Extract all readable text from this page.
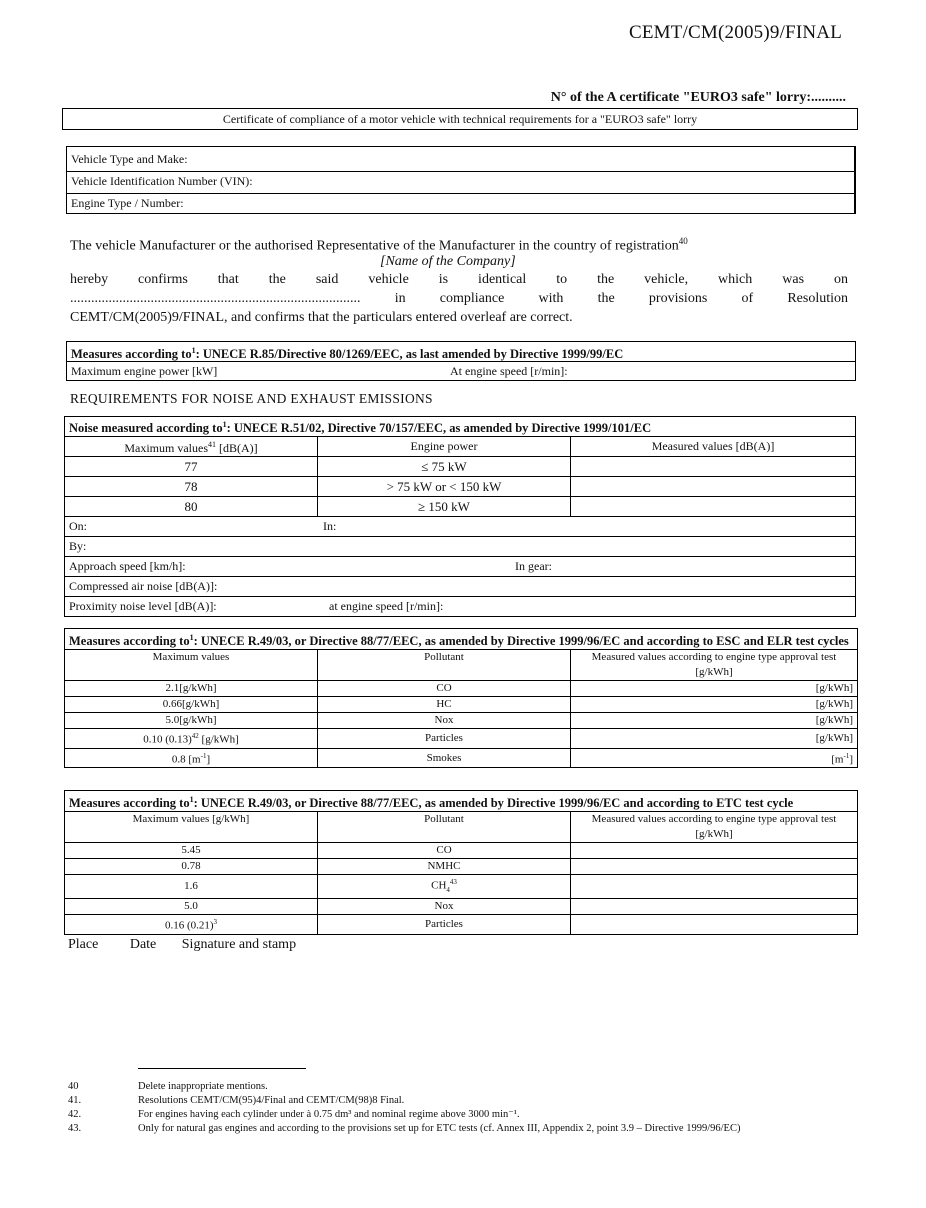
CEMT/CM(2005)9/FINAL
N° of the A certificate "EURO3 safe" lorry:..........
Certificate of compliance of a motor vehicle with technical requirements for a "EURO3 safe" lorry
Vehicle Type and Make:
Vehicle Identification Number (VIN):
Engine Type / Number:
The vehicle Manufacturer or the authorised Representative of the Manufacturer in the country of registration$^{40}$
[Name of the Company]
hereby confirms that the said vehicle is identical to the vehicle, which was on
................................................................................... in compliance with the provisions of Resolution
CEMT/CM(2005)9/FINAL, and confirms that the particulars entered overleaf are correct.
Measures according $to^1$: UNECE R.85/Directive 80/1269/EEC, as last amended by Directive 1999/99/EC
Maximum engine power [kW]	At engine speed [r/min]:
REQUIREMENTS FOR NOISE AND EXHAUST EMISSIONS
Noise measured according $to^1$: UNECE R.51/02, Directive 70/157/EEC, as amended by Directive 1999/101/EC		
Maximum values$^{41}$ [dB(A)]	Engine power	Measured values [dB(A)]
77	≤ 75 kW	
78	> 75 kW or < 150 kW	
80	≥ 150 kW	
On: In:		

By:		
Approach speed [km/h]: In gear:		

Compressed air noise [dB(A)]:		
Proximity noise level [dB(A)]: at engine speed [r/min]:		
Measures according $to^1$: UNECE R.49/03, or Directive 88/77/EEC, as amended by Directive 1999/96/EC and according to ESC and ELR test cycles		
Maximum values	Pollutant	Measured values according to engine type approval test [g/kWh]
2.1[g/kWh]	CO	[g/kWh]
0.66[g/kWh]	HC	[g/kWh]
5.0[g/kWh]	Nox	[g/kWh]
0.10 $(0.13)^{42}$ [g/kWh]	Particles	[g/kWh]
0.8 $[m^{-1}]$	Smokes	$[m^{-1}]$
Measures according $to^1$: UNECE R.49/03, or Directive 88/77/EEC, as amended by Directive 1999/96/EC and according to ETC test cycle		
Maximum values [g/kWh]	Pollutant	Measured values according to engine type approval test [g/kWh]
5.45	CO	
0.78	NMHC	
1.6	$CH_4^{43}$	
5.0	Nox	
0.16 $(0.21)^3$	Particles	
Place Date Signature and stamp
40	Delete inappropriate mentions.
41.	Resolutions CEMT/CM(95)4/Final and CEMT/CM(98)8 Final.
42.	For engines having each cylinder under à 0.75 dm³ and nominal regime above 3000 min⁻¹.
43.	Only for natural gas engines and according to the provisions set up for ETC tests (cf. Annex III, Appendix 2, point 3.9 – Directive 1999/96/EC)
